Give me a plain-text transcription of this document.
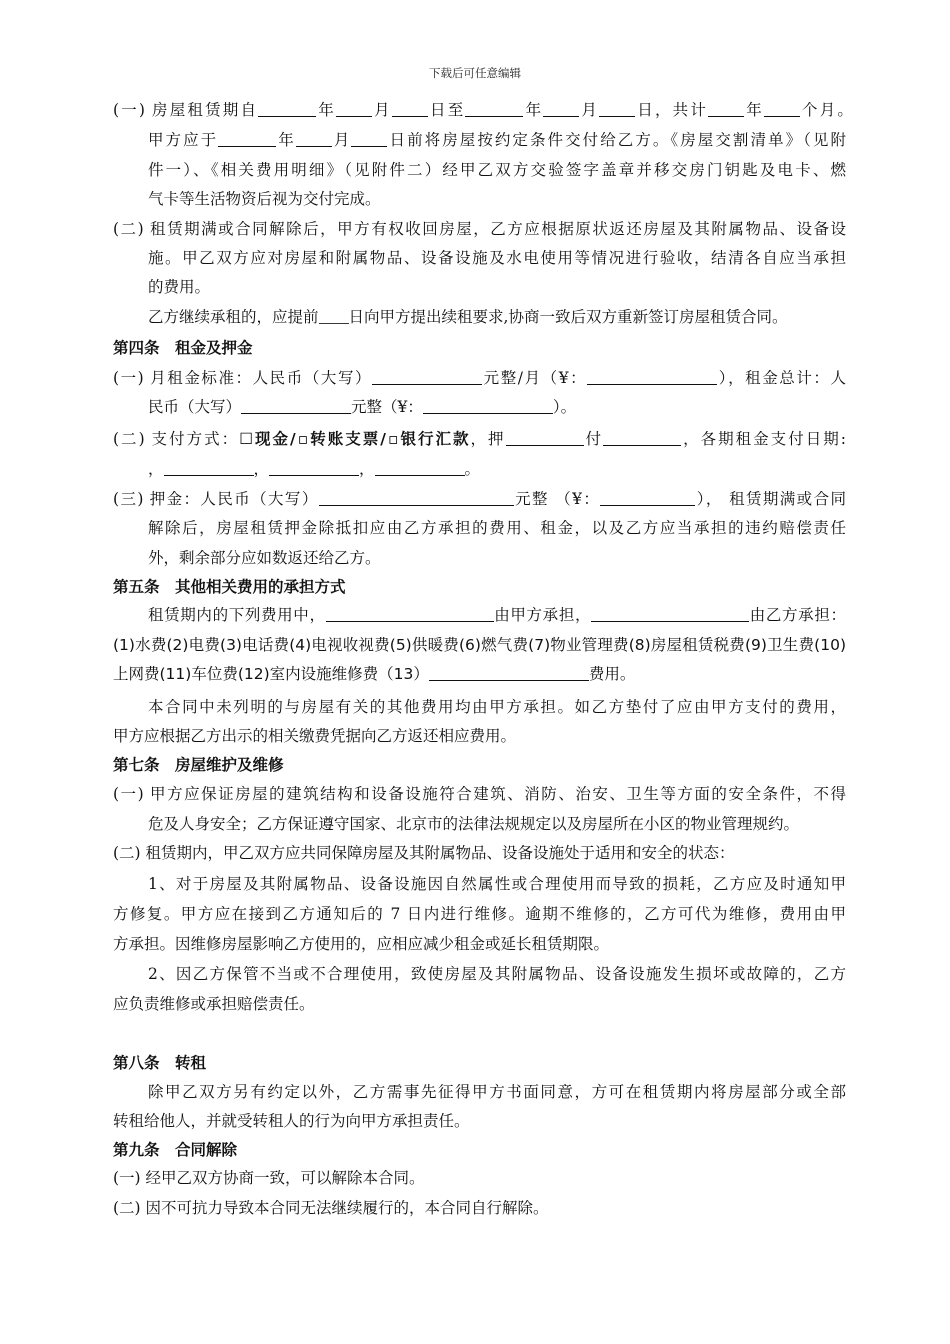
下载后可任意编辑
(一) 房屋租赁期自	年 月 日至	年 月 日，共计 年 个月。
甲方应于	年 月 日前将房屋按约定条件交付给乙方。《房屋交割清单》（见附
件一）、《相关费用明细》（见附件二）经甲乙双方交验签字盖章并移交房门钥匙及电卡、燃
气卡等生活物资后视为交付完成。
(二) 租赁期满或合同解除后，甲方有权收回房屋，乙方应根据原状返还房屋及其附属物品、设备设
施。甲乙双方应对房屋和附属物品、设备设施及水电使用等情况进行验收，结清各自应当承担
的费用。
乙方继续承租的，应提前 日向甲方提出续租要求,协商一致后双方重新签订房屋租赁合同。
第四条　租金及押金
(一) 月租金标准：人民币（大写）	元整/月（¥：	），租金总计：人
民币（大写）	元整（¥：	）。
(二) 支付方式：☐现金/▫转账支票/▫银行汇款，押	付	，各期租金支付日期:
，	，	，	。
(三) 押金：人民币（大写）	元整 （¥：	）， 租赁期满或合同
解除后，房屋租赁押金除抵扣应由乙方承担的费用、租金，以及乙方应当承担的违约赔偿责任
外，剩余部分应如数返还给乙方。
第五条　其他相关费用的承担方式
租赁期内的下列费用中，	由甲方承担，	由乙方承担：
(1)水费(2)电费(3)电话费(4)电视收视费(5)供暖费(6)燃气费(7)物业管理费(8)房屋租赁税费(9)卫生费(10)
上网费(11)车位费(12)室内设施维修费（13）	费用。
本合同中未列明的与房屋有关的其他费用均由甲方承担。如乙方垫付了应由甲方支付的费用，
甲方应根据乙方出示的相关缴费凭据向乙方返还相应费用。
第七条　房屋维护及维修
(一) 甲方应保证房屋的建筑结构和设备设施符合建筑、消防、治安、卫生等方面的安全条件，不得
危及人身安全；乙方保证遵守国家、北京市的法律法规规定以及房屋所在小区的物业管理规约。
(二) 租赁期内，甲乙双方应共同保障房屋及其附属物品、设备设施处于适用和安全的状态：
1、对于房屋及其附属物品、设备设施因自然属性或合理使用而导致的损耗，乙方应及时通知甲
方修复。甲方应在接到乙方通知后的 7 日内进行维修。逾期不维修的，乙方可代为维修，费用由甲
方承担。因维修房屋影响乙方使用的，应相应减少租金或延长租赁期限。
2、因乙方保管不当或不合理使用，致使房屋及其附属物品、设备设施发生损坏或故障的，乙方
应负责维修或承担赔偿责任。
第八条　转租
除甲乙双方另有约定以外，乙方需事先征得甲方书面同意，方可在租赁期内将房屋部分或全部
转租给他人，并就受转租人的行为向甲方承担责任。
第九条　合同解除
(一) 经甲乙双方协商一致，可以解除本合同。
(二) 因不可抗力导致本合同无法继续履行的，本合同自行解除。
